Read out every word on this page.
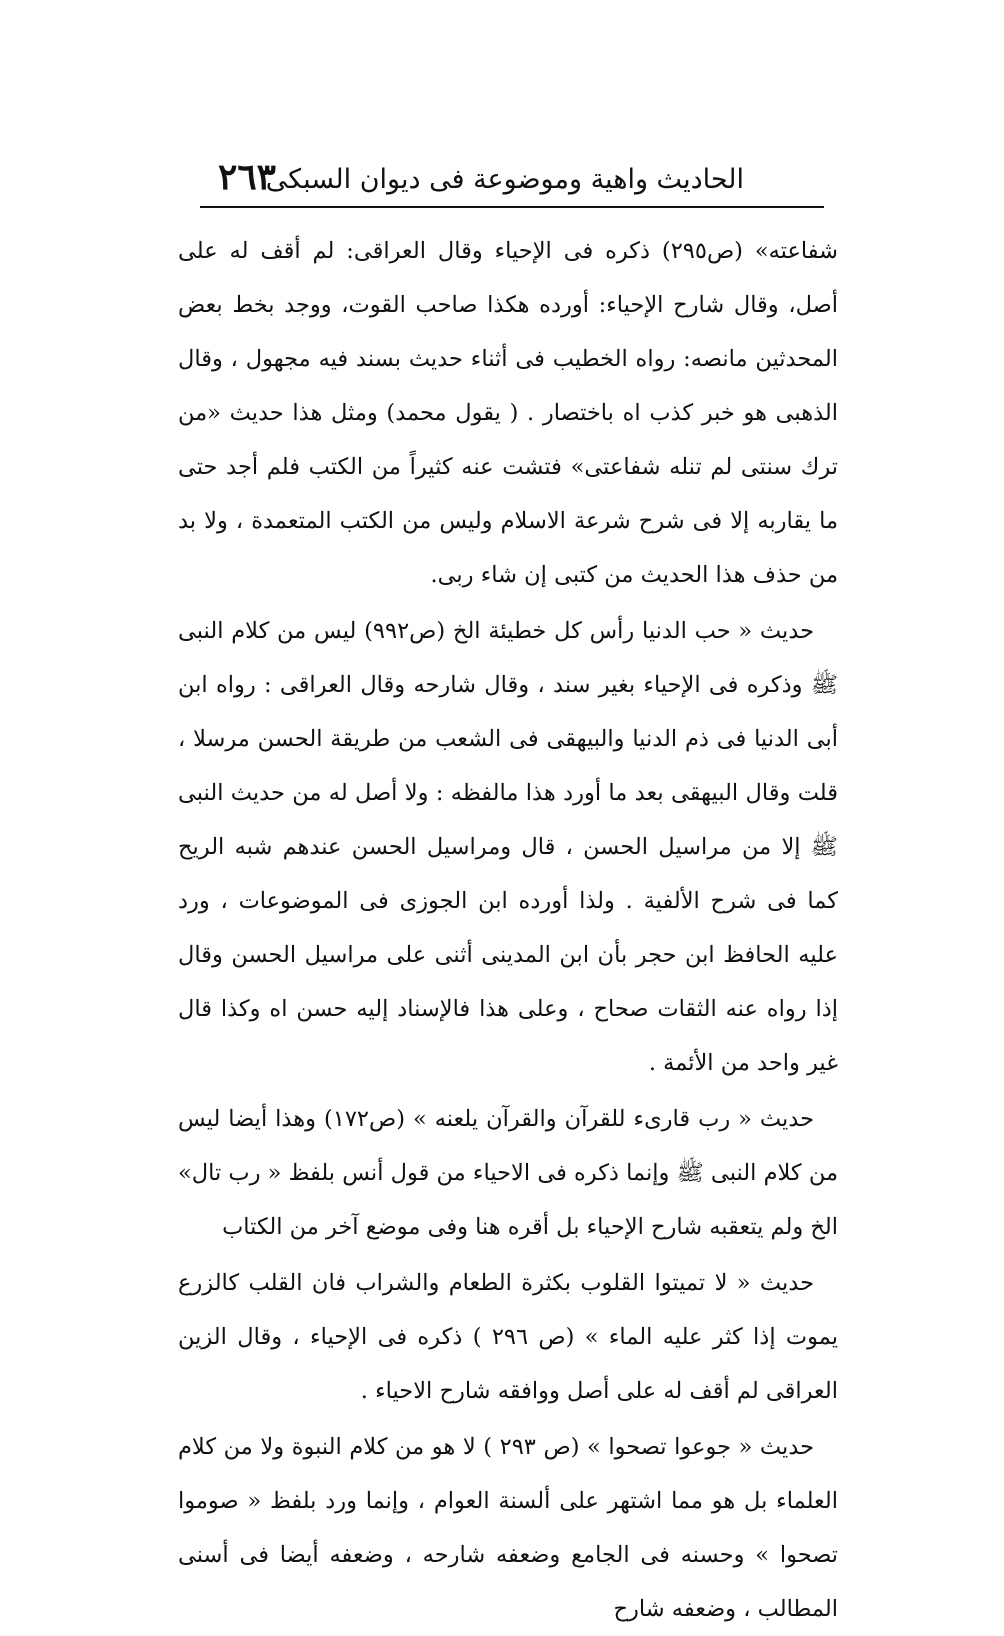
الحاديث واهية وموضوعة فى ديوان السبكى
٢٦٣

شفاعته» (ص٢٩٥) ذكره فى الإحياء وقال العراقى: لم أقف له على أصل، وقال شارح الإحياء: أورده هكذا صاحب القوت، ووجد بخط بعض المحدثين مانصه: رواه الخطيب فى أثناء حديث بسند فيه مجهول ، وقال الذهبى هو خبر كذب اه باختصار . ( يقول محمد) ومثل هذا حديث «من ترك سنتى لم تنله شفاعتى» فتشت عنه كثيراً من الكتب فلم أجد حتى ما يقاربه إلا فى شرح شرعة الاسلام وليس من الكتب المتعمدة ، ولا بد من حذف هذا الحديث من كتبى إن شاء ربى.

حديث « حب الدنيا رأس كل خطيئة الخ (ص٩٩٢) ليس من كلام النبى ﷺ وذكره فى الإحياء بغير سند ، وقال شارحه وقال العراقى : رواه ابن أبى الدنيا فى ذم الدنيا والبيهقى فى الشعب من طريقة الحسن مرسلا ، قلت وقال البيهقى بعد ما أورد هذا مالفظه : ولا أصل له من حديث النبى ﷺ إلا من مراسيل الحسن ، قال ومراسيل الحسن عندهم شبه الريح كما فى شرح الألفية . ولذا أورده ابن الجوزى فى الموضوعات ، ورد عليه الحافظ ابن حجر بأن ابن المدينى أثنى على مراسيل الحسن وقال إذا رواه عنه الثقات صحاح ، وعلى هذا فالإسناد إليه حسن اه وكذا قال غير واحد من الأئمة .

حديث « رب قارىء للقرآن والقرآن يلعنه » (ص١٧٢) وهذا أيضا ليس من كلام النبى ﷺ وإنما ذكره فى الاحياء من قول أنس بلفظ « رب تال» الخ ولم يتعقبه شارح الإحياء بل أقره هنا وفى موضع آخر من الكتاب

حديث « لا تميتوا القلوب بكثرة الطعام والشراب فان القلب كالزرع يموت إذا كثر عليه الماء » (ص ٢٩٦ ) ذكره فى الإحياء ، وقال الزين العراقى لم أقف له على أصل ووافقه شارح الاحياء .

حديث « جوعوا تصحوا » (ص ٢٩٣ ) لا هو من كلام النبوة ولا من كلام العلماء بل هو مما اشتهر على ألسنة العوام ، وإنما ورد بلفظ « صوموا تصحوا » وحسنه فى الجامع وضعفه شارحه ، وضعفه أيضا فى أسنى المطالب ، وضعفه شارح
